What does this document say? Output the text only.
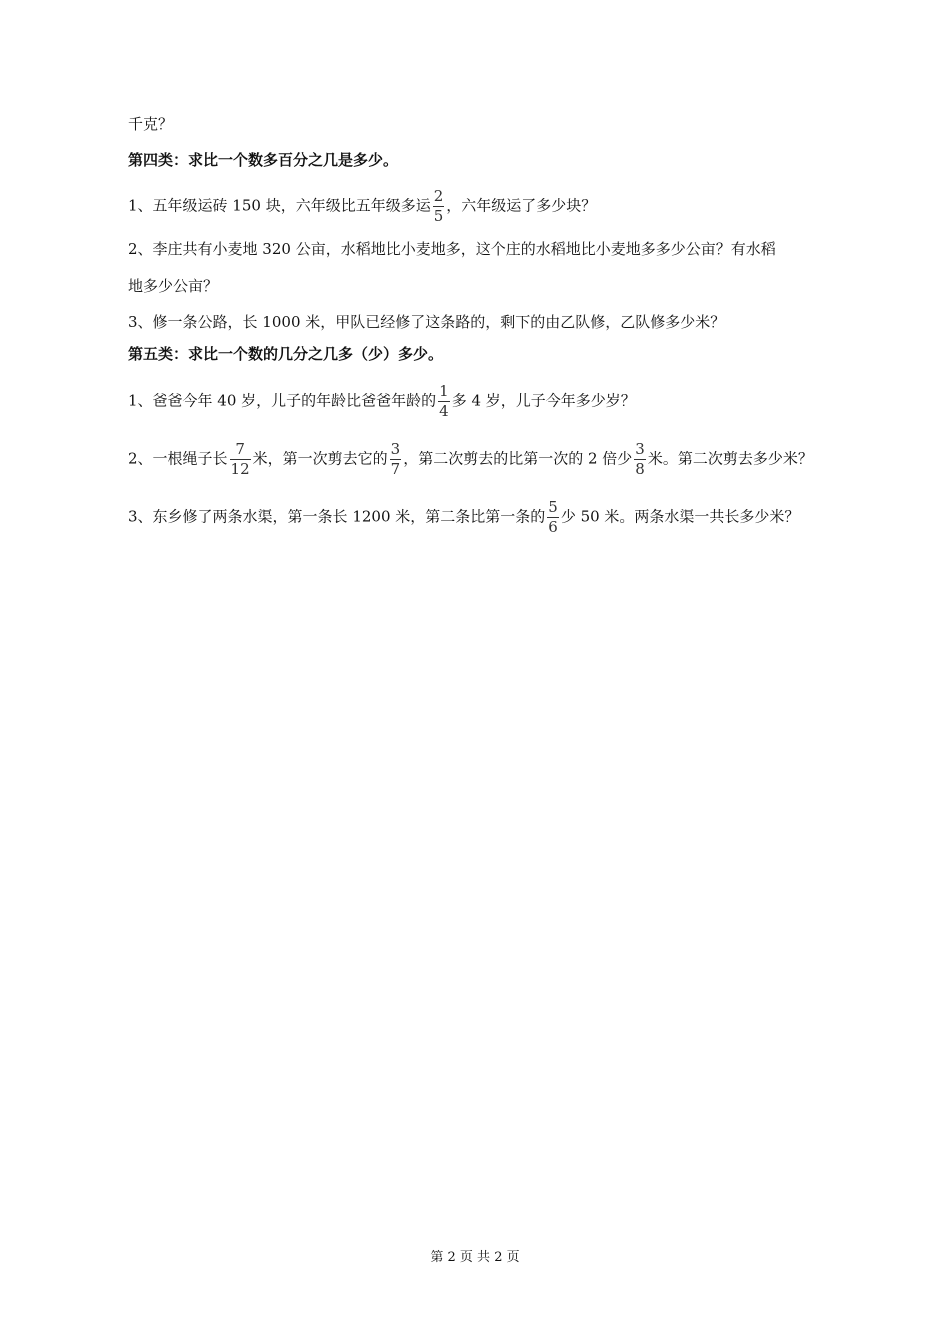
千克？
第四类：求比一个数多百分之几是多少。
1、五年级运砖 150 块，六年级比五年级多运 $\frac{2}{5}$ ，六年级运了多少块？
2、李庄共有小麦地 320 公亩，水稻地比小麦地多，这个庄的水稻地比小麦地多多少公亩？有水稻
地多少公亩？
3、修一条公路，长 1000 米，甲队已经修了这条路的，剩下的由乙队修，乙队修多少米？
第五类：求比一个数的几分之几多（少）多少。
1、爸爸今年 40 岁，儿子的年龄比爸爸年龄的 $\frac{1}{4}$ 多 4 岁，儿子今年多少岁？
2、一根绳子长 $\frac{7}{12}$ 米，第一次剪去它的 $\frac{3}{7}$ ，第二次剪去的比第一次的 2 倍少 $\frac{3}{8}$ 米。第二次剪去多少米？
3、东乡修了两条水渠，第一条长 1200 米，第二条比第一条的 $\frac{5}{6}$ 少 50 米。两条水渠一共长多少米？
第 2 页 共 2 页
